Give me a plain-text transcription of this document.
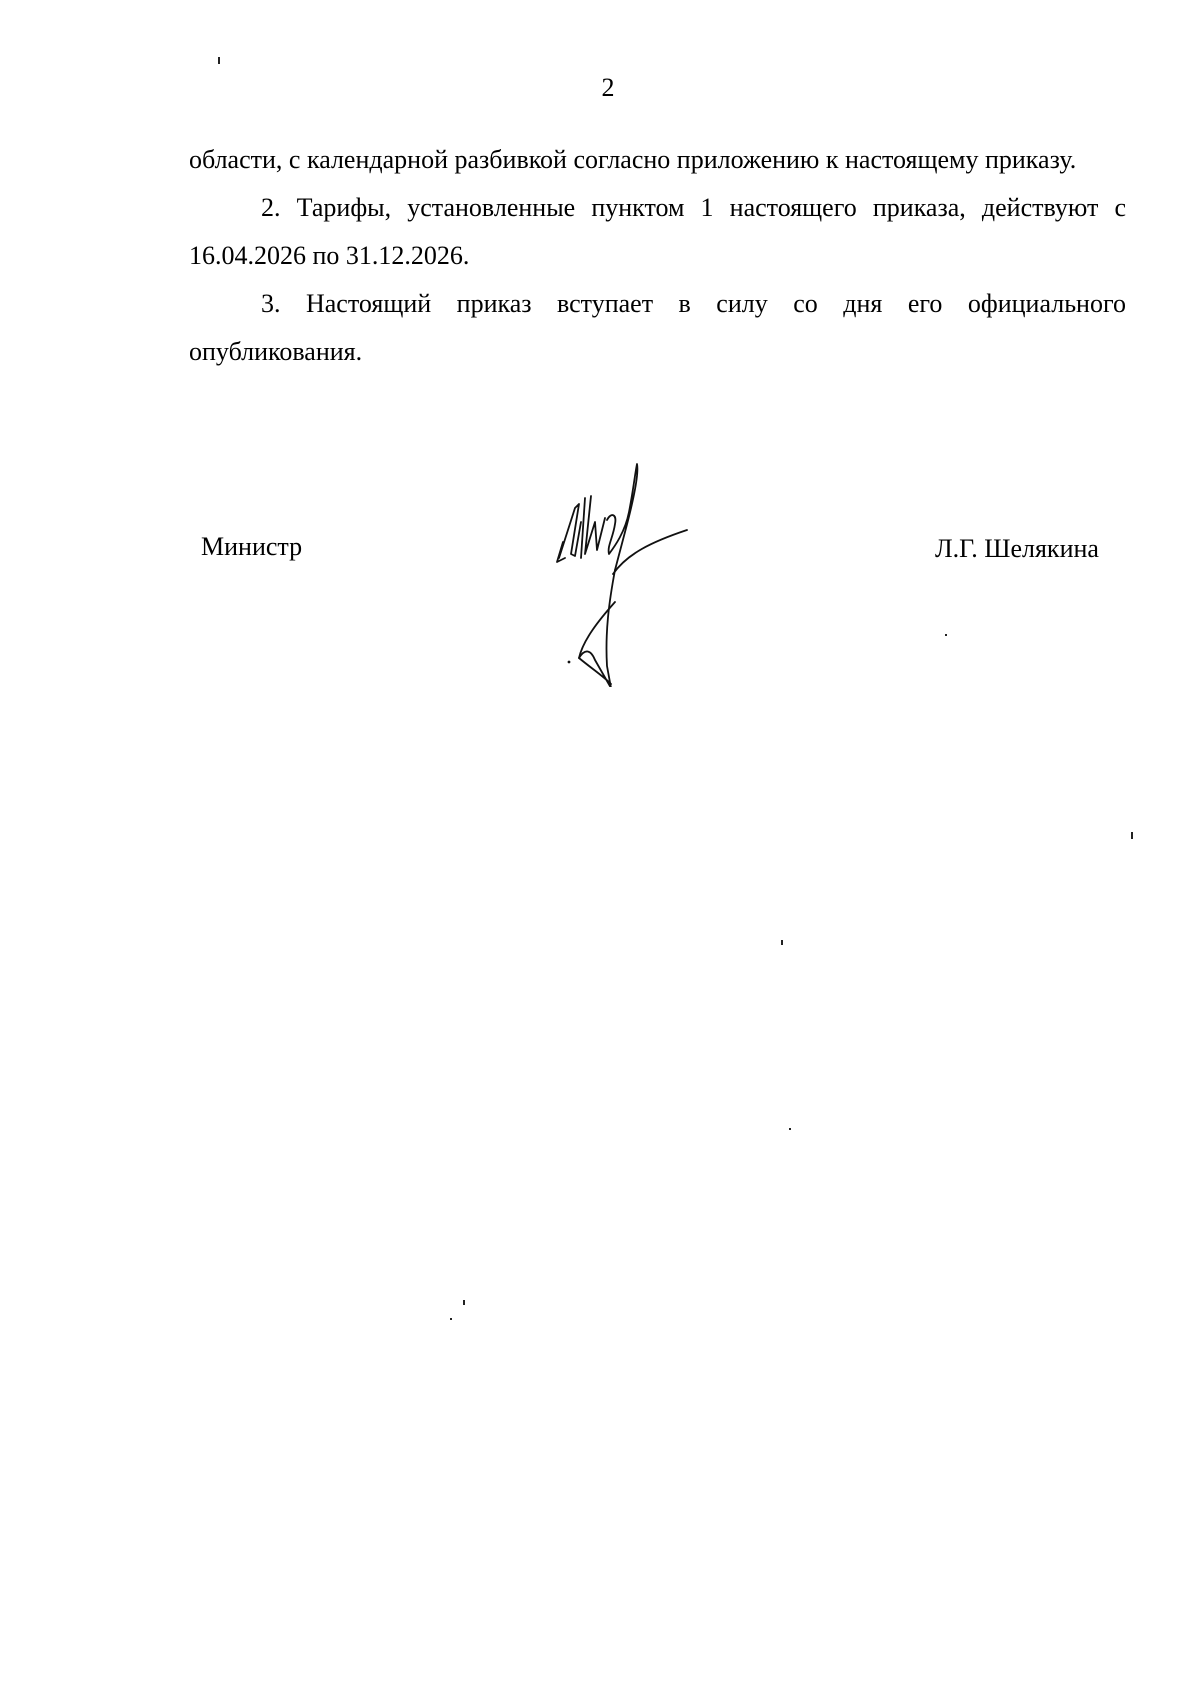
2

области, с календарной разбивкой согласно приложению к настоящему приказу.

2. Тарифы, установленные пунктом 1 настоящего приказа, действуют с 16.04.2026 по 31.12.2026.

3. Настоящий приказ вступает в силу со дня его официального опубликования.

Министр	Л.Г. Шелякина
